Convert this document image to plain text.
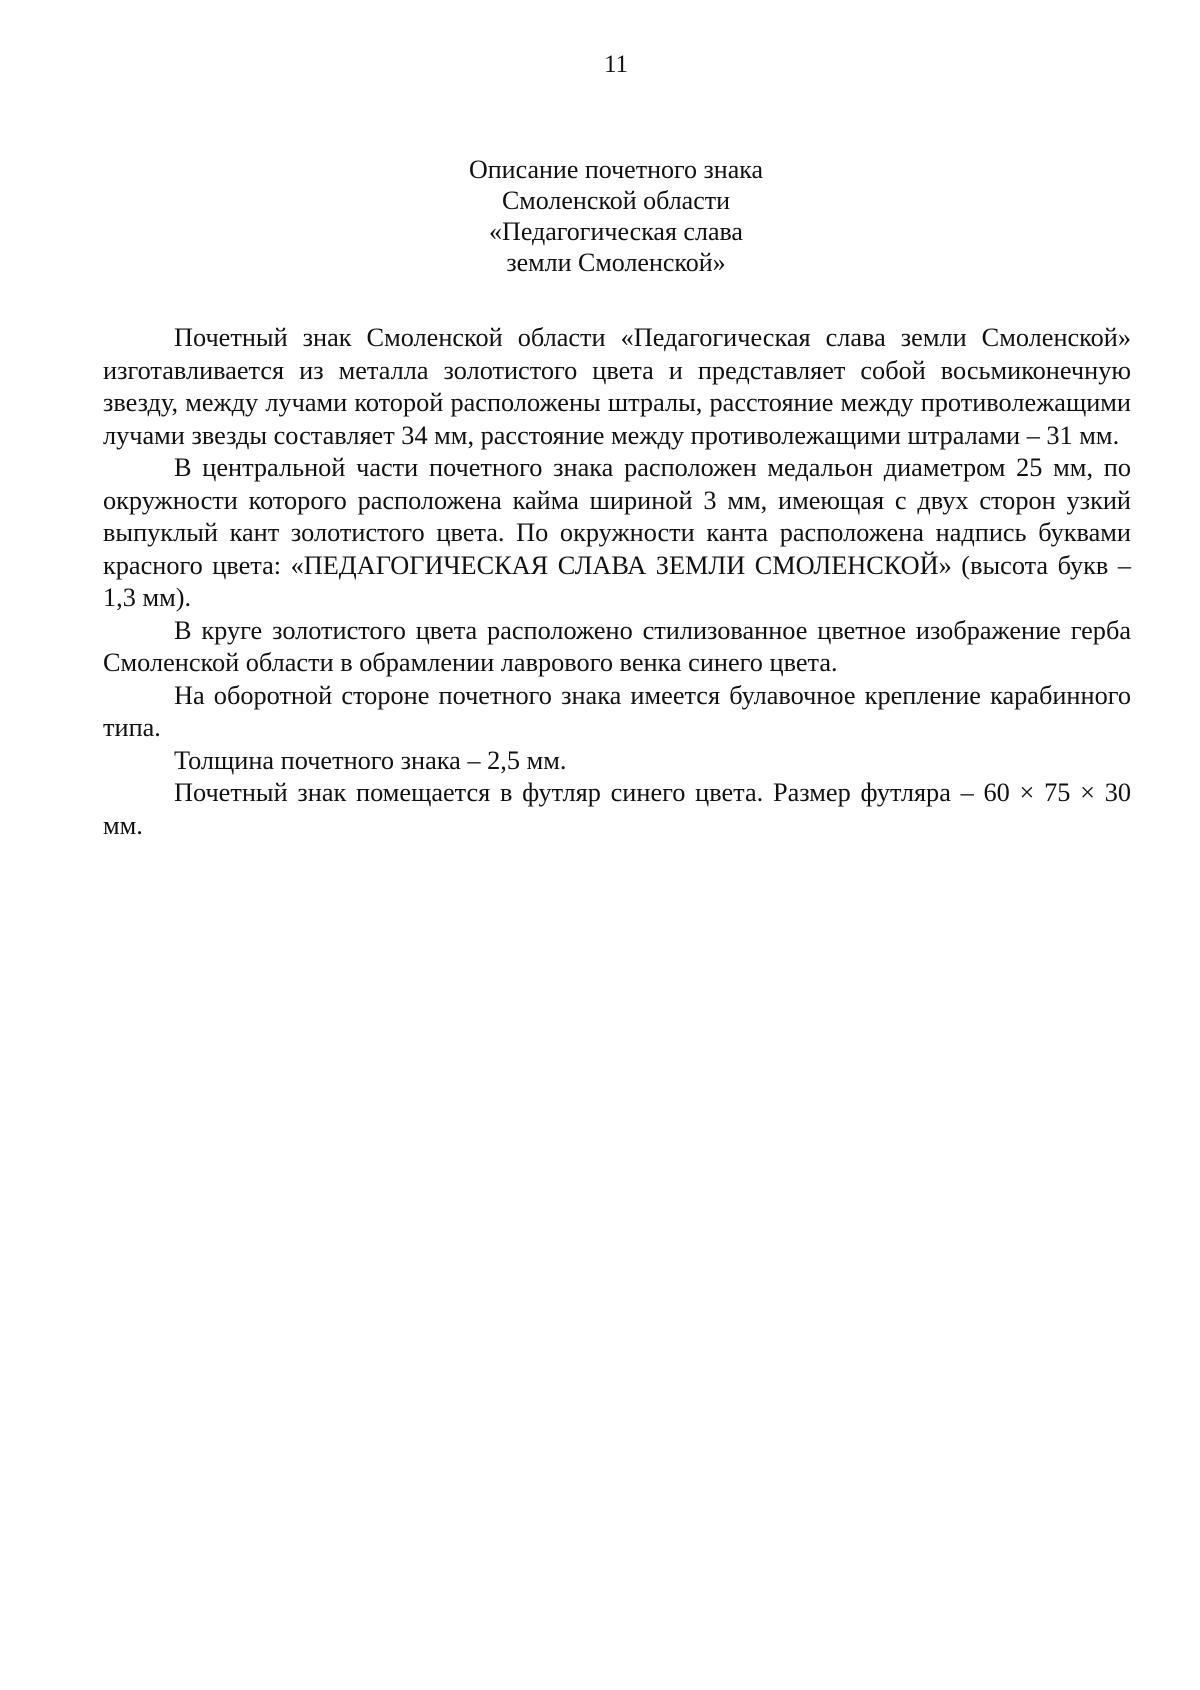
11
Описание почетного знака
Смоленской области
«Педагогическая слава
земли Смоленской»

Почетный знак Смоленской области «Педагогическая слава земли Смоленской» изготавливается из металла золотистого цвета и представляет собой восьмиконечную звезду, между лучами которой расположены штралы, расстояние между противолежащими лучами звезды составляет 34 мм, расстояние между противолежащими штралами – 31 мм.

В центральной части почетного знака расположен медальон диаметром 25 мм, по окружности которого расположена кайма шириной 3 мм, имеющая с двух сторон узкий выпуклый кант золотистого цвета. По окружности канта расположена надпись буквами красного цвета: «ПЕДАГОГИЧЕСКАЯ СЛАВА ЗЕМЛИ СМОЛЕНСКОЙ» (высота букв – 1,3 мм).

В круге золотистого цвета расположено стилизованное цветное изображение герба Смоленской области в обрамлении лаврового венка синего цвета.

На оборотной стороне почетного знака имеется булавочное крепление карабинного типа.

Толщина почетного знака – 2,5 мм.

Почетный знак помещается в футляр синего цвета. Размер футляра – 60 × 75 × 30 мм.
